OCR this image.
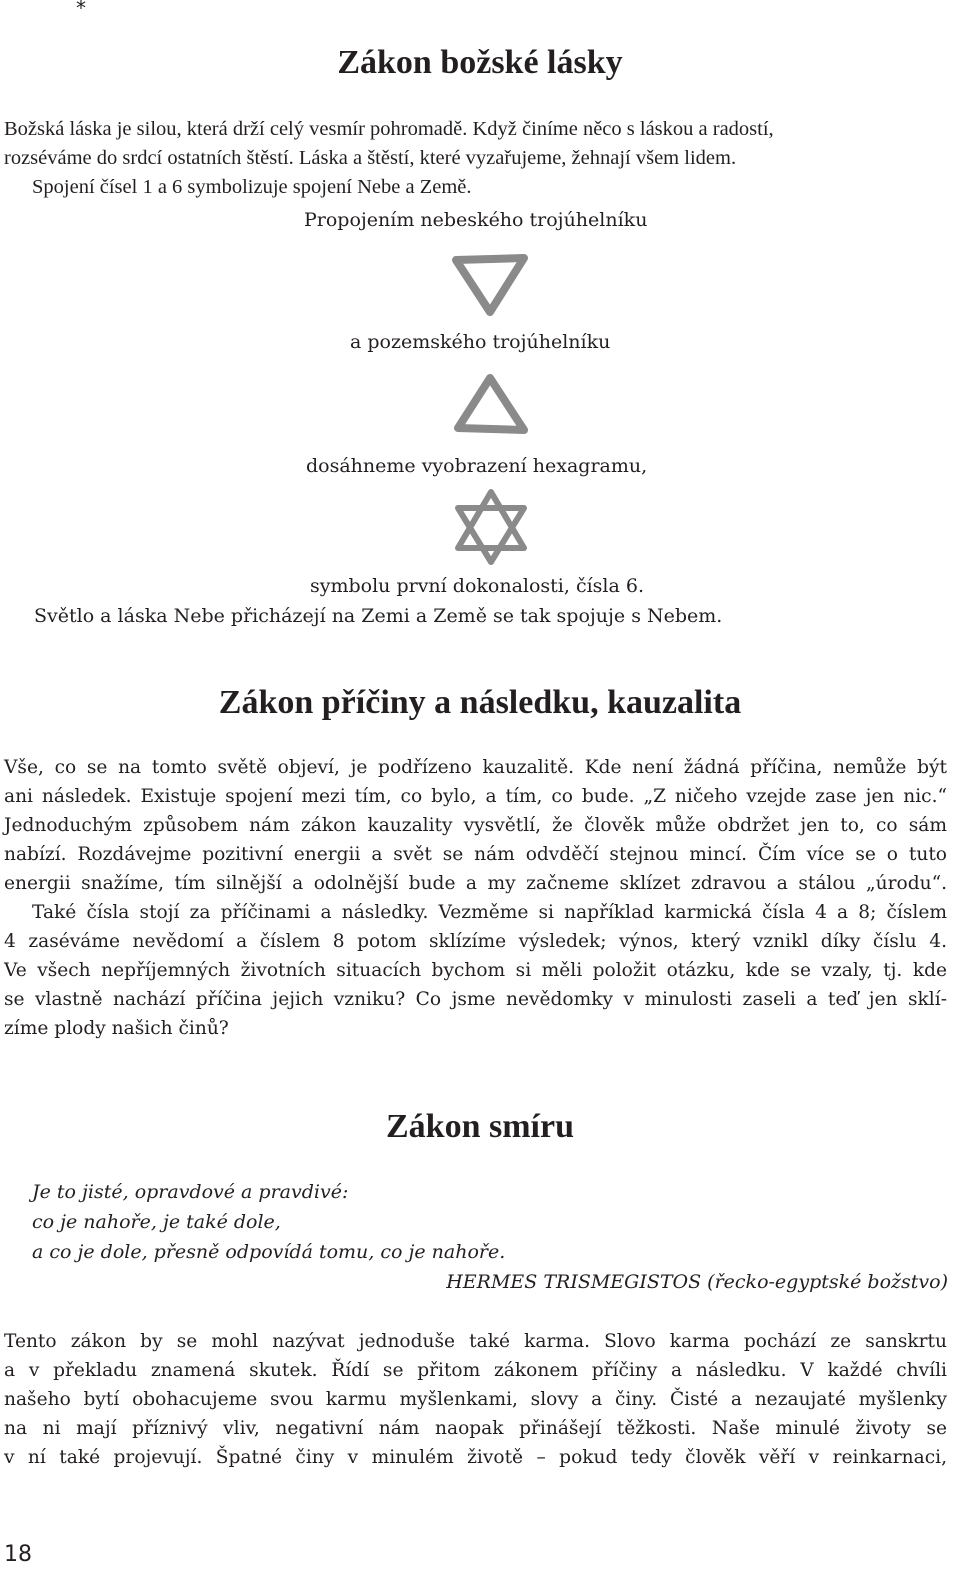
*
Zákon božské lásky
Božská láska je silou, která drží celý vesmír pohromadě. Když činíme něco s láskou a radostí,
rozséváme do srdcí ostatních štěstí. Láska a štěstí, které vyzařujeme, žehnají všem lidem.
Spojení čísel 1 a 6 symbolizuje spojení Nebe a Země.
Propojením nebeského trojúhelníku
a pozemského trojúhelníku
dosáhneme vyobrazení hexagramu,
symbolu první dokonalosti, čísla 6.
Světlo a láska Nebe přicházejí na Zemi a Země se tak spojuje s Nebem.
Zákon příčiny a následku, kauzalita
Vše, co se na tomto světě objeví, je podřízeno kauzalitě. Kde není žádná příčina, nemůže být
ani následek. Existuje spojení mezi tím, co bylo, a tím, co bude. „Z ničeho vzejde zase jen nic.“
Jednoduchým způsobem nám zákon kauzality vysvětlí, že člověk může obdržet jen to, co sám
nabízí. Rozdávejme pozitivní energii a svět se nám odvděčí stejnou mincí. Čím více se o tuto
energii snažíme, tím silnější a odolnější bude a my začneme sklízet zdravou a stálou „úrodu“.
Také čísla stojí za příčinami a následky. Vezměme si například karmická čísla 4 a 8; číslem
4 zaséváme nevědomí a číslem 8 potom sklízíme výsledek; výnos, který vznikl díky číslu 4.
Ve všech nepříjemných životních situacích bychom si měli položit otázku, kde se vzaly, tj. kde
se vlastně nachází příčina jejich vzniku? Co jsme nevědomky v minulosti zaseli a teď jen sklí-
zíme plody našich činů?
Zákon smíru
Je to jisté, opravdové a pravdivé:
co je nahoře, je také dole,
a co je dole, přesně odpovídá tomu, co je nahoře.
HERMES TRISMEGISTOS (řecko-egyptské božstvo)
Tento zákon by se mohl nazývat jednoduše také karma. Slovo karma pochází ze sanskrtu
a v překladu znamená skutek. Řídí se přitom zákonem příčiny a následku. V každé chvíli
našeho bytí obohacujeme svou karmu myšlenkami, slovy a činy. Čisté a nezaujaté myšlenky
na ni mají příznivý vliv, negativní nám naopak přinášejí těžkosti. Naše minulé životy se
v ní také projevují. Špatné činy v minulém životě – pokud tedy člověk věří v reinkarnaci,
18
